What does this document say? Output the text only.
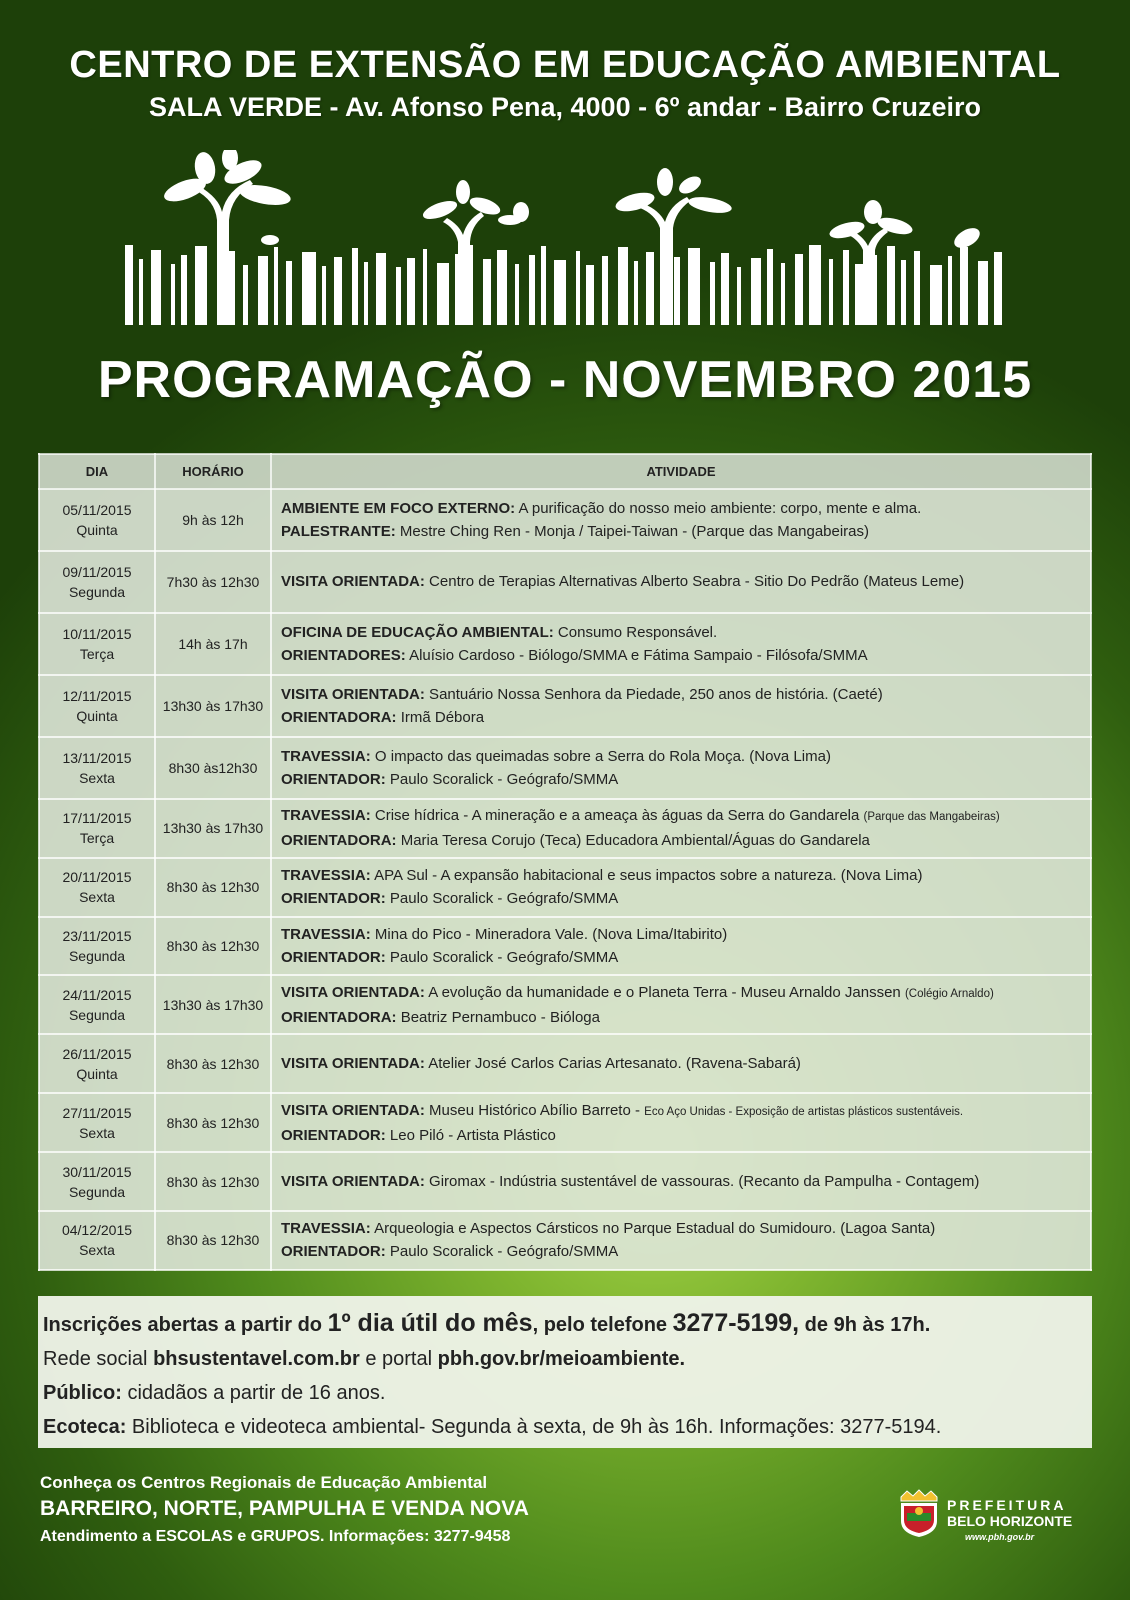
CENTRO DE EXTENSÃO EM EDUCAÇÃO AMBIENTAL
SALA VERDE - Av. Afonso Pena, 4000 - 6º andar - Bairro Cruzeiro
PROGRAMAÇÃO - NOVEMBRO 2015
DIA	HORÁRIO	ATIVIDADE
05/11/2015
Quinta	9h às 12h	AMBIENTE EM FOCO EXTERNO: A purificação do nosso meio ambiente: corpo, mente e alma.
PALESTRANTE: Mestre Ching Ren - Monja / Taipei-Taiwan - (Parque das Mangabeiras)
09/11/2015
Segunda	7h30 às 12h30	VISITA ORIENTADA: Centro de Terapias Alternativas Alberto Seabra - Sitio Do Pedrão (Mateus Leme)
10/11/2015
Terça	14h às 17h	OFICINA DE EDUCAÇÃO AMBIENTAL: Consumo Responsável.
ORIENTADORES: Aluísio Cardoso - Biólogo/SMMA e Fátima Sampaio - Filósofa/SMMA
12/11/2015
Quinta	13h30 às 17h30	VISITA ORIENTADA: Santuário Nossa Senhora da Piedade, 250 anos de história. (Caeté)
ORIENTADORA: Irmã Débora
13/11/2015
Sexta	8h30 às12h30	TRAVESSIA: O impacto das queimadas sobre a Serra do Rola Moça. (Nova Lima)
ORIENTADOR: Paulo Scoralick - Geógrafo/SMMA
17/11/2015
Terça	13h30 às 17h30	TRAVESSIA: Crise hídrica - A mineração e a ameaça às águas da Serra do Gandarela (Parque das Mangabeiras)
ORIENTADORA: Maria Teresa Corujo (Teca) Educadora Ambiental/Águas do Gandarela
20/11/2015
Sexta	8h30 às 12h30	TRAVESSIA: APA Sul - A expansão habitacional e seus impactos sobre a natureza. (Nova Lima)
ORIENTADOR: Paulo Scoralick - Geógrafo/SMMA
23/11/2015
Segunda	8h30 às 12h30	TRAVESSIA: Mina do Pico - Mineradora Vale. (Nova Lima/Itabirito)
ORIENTADOR: Paulo Scoralick - Geógrafo/SMMA
24/11/2015
Segunda	13h30 às 17h30	VISITA ORIENTADA: A evolução da humanidade e o Planeta Terra - Museu Arnaldo Janssen (Colégio Arnaldo)
ORIENTADORA: Beatriz Pernambuco - Bióloga
26/11/2015
Quinta	8h30 às 12h30	VISITA ORIENTADA: Atelier José Carlos Carias Artesanato. (Ravena-Sabará)
27/11/2015
Sexta	8h30 às 12h30	VISITA ORIENTADA: Museu Histórico Abílio Barreto - Eco Aço Unidas - Exposição de artistas plásticos sustentáveis.
ORIENTADOR: Leo Piló - Artista Plástico
30/11/2015
Segunda	8h30 às 12h30	VISITA ORIENTADA: Giromax - Indústria sustentável de vassouras. (Recanto da Pampulha - Contagem)
04/12/2015
Sexta	8h30 às 12h30	TRAVESSIA: Arqueologia e Aspectos Cársticos no Parque Estadual do Sumidouro. (Lagoa Santa)
ORIENTADOR: Paulo Scoralick - Geógrafo/SMMA
Inscrições abertas a partir do 1º dia útil do mês, pelo telefone 3277-5199, de 9h às 17h.
Rede social bhsustentavel.com.br e portal pbh.gov.br/meioambiente.
Público: cidadãos a partir de 16 anos.
Ecoteca: Biblioteca e videoteca ambiental- Segunda à sexta, de 9h às 16h. Informações: 3277-5194.
Conheça os Centros Regionais de Educação Ambiental
BARREIRO, NORTE, PAMPULHA E VENDA NOVA
Atendimento a ESCOLAS e GRUPOS. Informações: 3277-9458
PREFEITURA
BELO HORIZONTE
www.pbh.gov.br
